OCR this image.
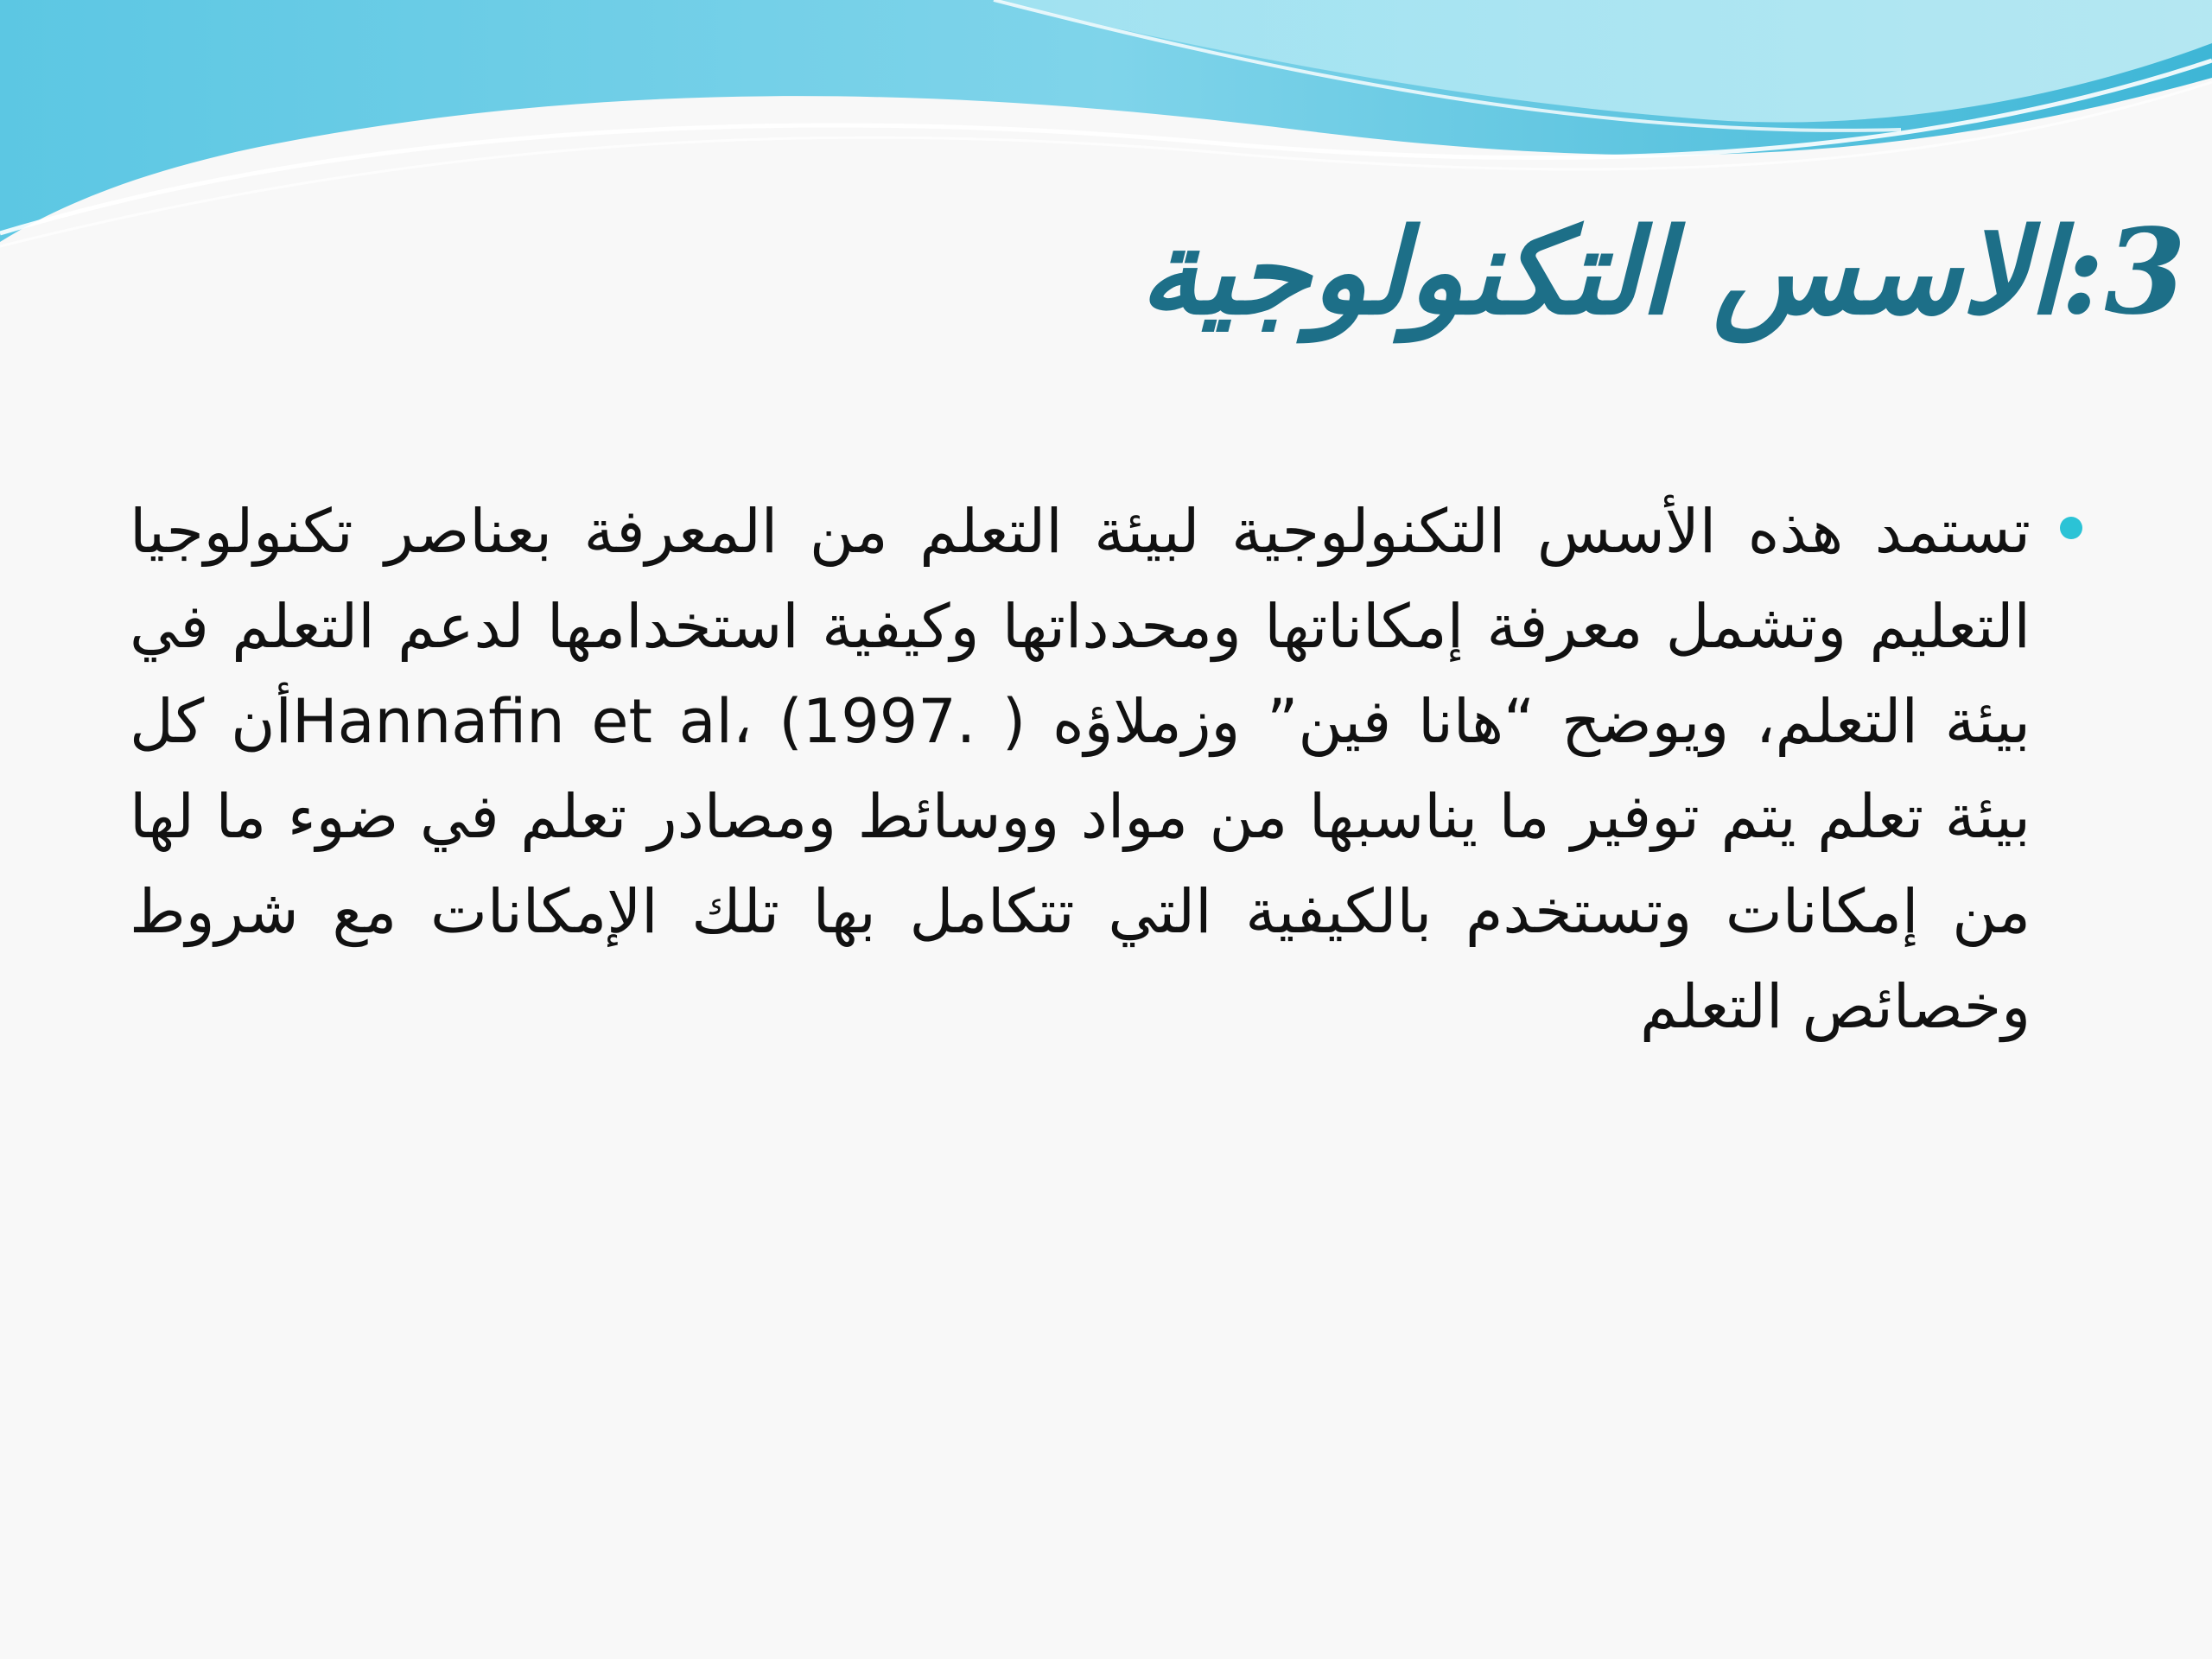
3:الاسس التكنولوجية

تستمد هذه الأسس التكنولوجية لبيئة التعلم من المعرفة بعناصر تكنولوجيا التعليم وتشمل معرفة إمكاناتها ومحدداتها وكيفية استخدامها لدعم التعلم في بيئة التعلم، ويوضح “هانا فين” وزملاؤه ( .Hannafin et al، (1997أن كل بيئة تعلم يتم توفير ما يناسبها من مواد ووسائط ومصادر تعلم في ضوء ما لها من إمكانات وتستخدم بالكيفية التي تتكامل بها تلك الإمكانات مع شروط وخصائص التعلم
